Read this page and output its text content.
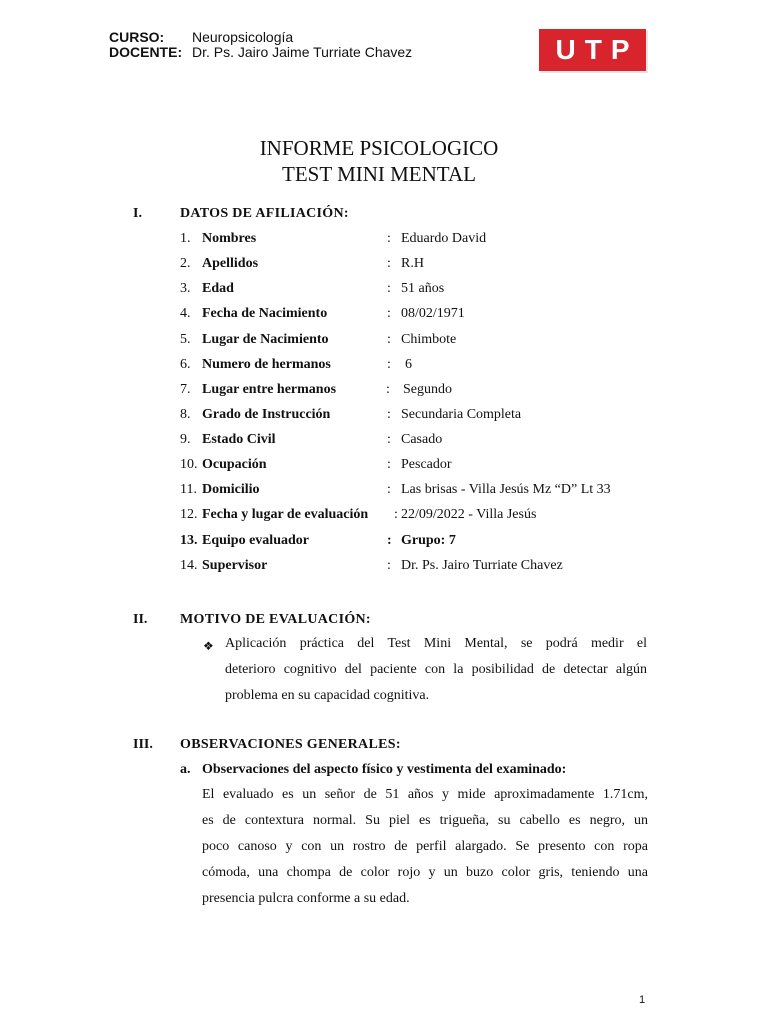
CURSO: Neuropsicología
DOCENTE: Dr. Ps. Jairo Jaime Turriate Chavez	UTP
INFORME PSICOLOGICO
TEST MINI MENTAL
I.	DATOS DE AFILIACIÓN:
1. Nombres	: Eduardo David
2. Apellidos	: R.H
3. Edad	: 51 años
4. Fecha de Nacimiento	: 08/02/1971
5. Lugar de Nacimiento	: Chimbote
6. Numero de hermanos	: 6
7. Lugar entre hermanos	: Segundo
8. Grado de Instrucción	: Secundaria Completa
9. Estado Civil	: Casado
10. Ocupación	: Pescador
11. Domicilio	: Las brisas - Villa Jesús Mz “D” Lt 33
12. Fecha y lugar de evaluación : 22/09/2022 - Villa Jesús
13. Equipo evaluador	: Grupo: 7
14. Supervisor	: Dr. Ps. Jairo Turriate Chavez
II. MOTIVO DE EVALUACIÓN:
❖ Aplicación práctica del Test Mini Mental, se podrá medir el
deterioro cognitivo del paciente con la posibilidad de detectar algún
problema en su capacidad cognitiva.
III. OBSERVACIONES GENERALES:
a. Observaciones del aspecto físico y vestimenta del examinado:
El evaluado es un señor de 51 años y mide aproximadamente 1.71cm,
es de contextura normal. Su piel es trigueña, su cabello es negro, un
poco canoso y con un rostro de perfil alargado. Se presento con ropa
cómoda, una chompa de color rojo y un buzo color gris, teniendo una
presencia pulcra conforme a su edad.
1
